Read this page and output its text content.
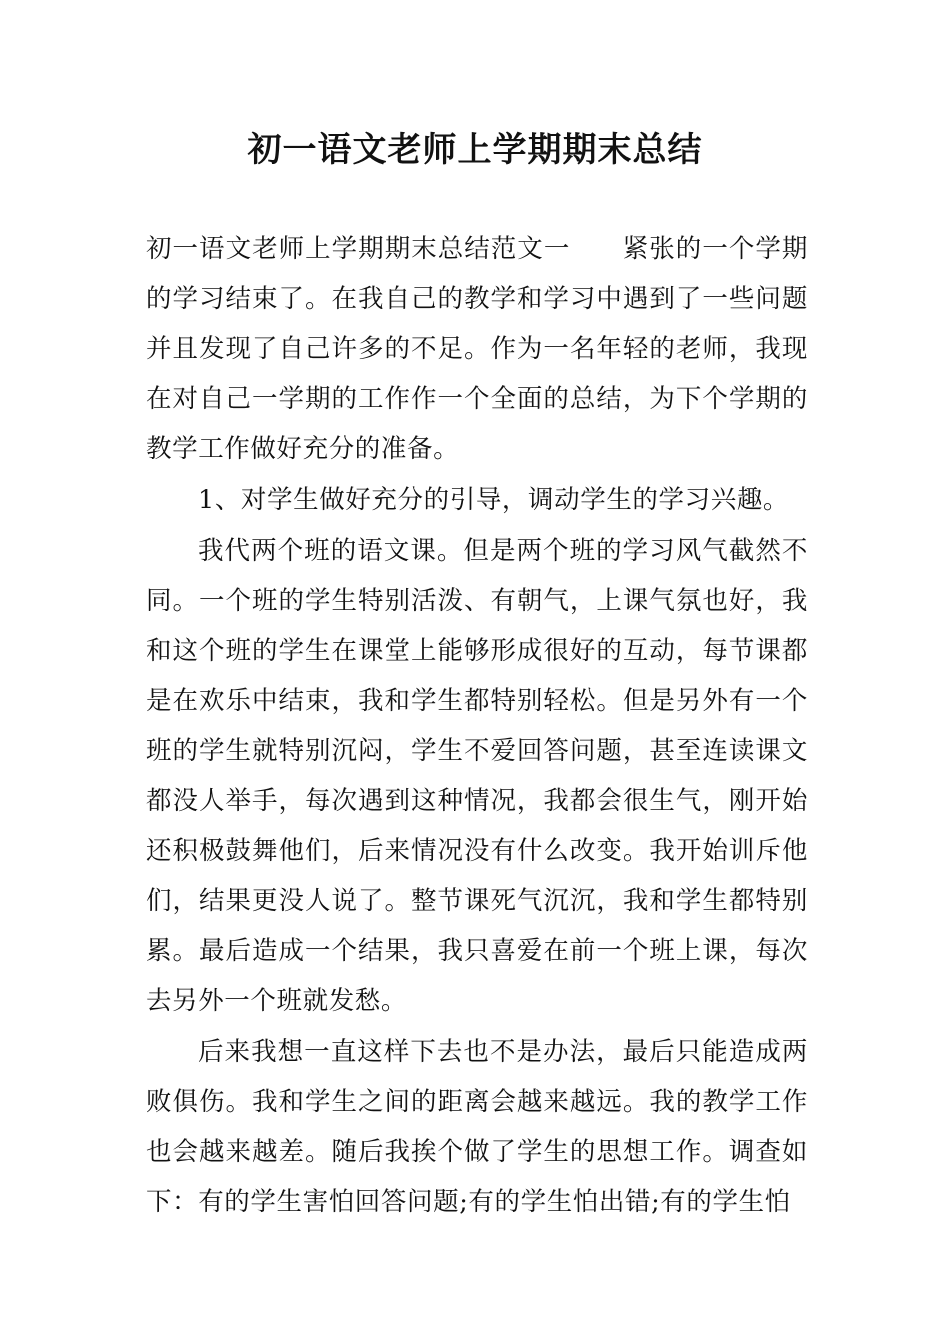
初一语文老师上学期期末总结

初一语文老师上学期期末总结范文一 紧张的一个学期的学习结束了。在我自己的教学和学习中遇到了一些问题并且发现了自己许多的不足。作为一名年轻的老师，我现在对自己一学期的工作作一个全面的总结，为下个学期的教学工作做好充分的准备。

1、对学生做好充分的引导，调动学生的学习兴趣。

我代两个班的语文课。但是两个班的学习风气截然不同。一个班的学生特别活泼、有朝气，上课气氛也好，我和这个班的学生在课堂上能够形成很好的互动，每节课都是在欢乐中结束，我和学生都特别轻松。但是另外有一个班的学生就特别沉闷，学生不爱回答问题，甚至连读课文都没人举手，每次遇到这种情况，我都会很生气，刚开始还积极鼓舞他们，后来情况没有什么改变。我开始训斥他们，结果更没人说了。整节课死气沉沉，我和学生都特别累。最后造成一个结果，我只喜爱在前一个班上课，每次去另外一个班就发愁。

后来我想一直这样下去也不是办法，最后只能造成两败俱伤。我和学生之间的距离会越来越远。我的教学工作也会越来越差。随后我挨个做了学生的思想工作。调查如下：有的学生害怕回答问题;有的学生怕出错;有的学生怕
